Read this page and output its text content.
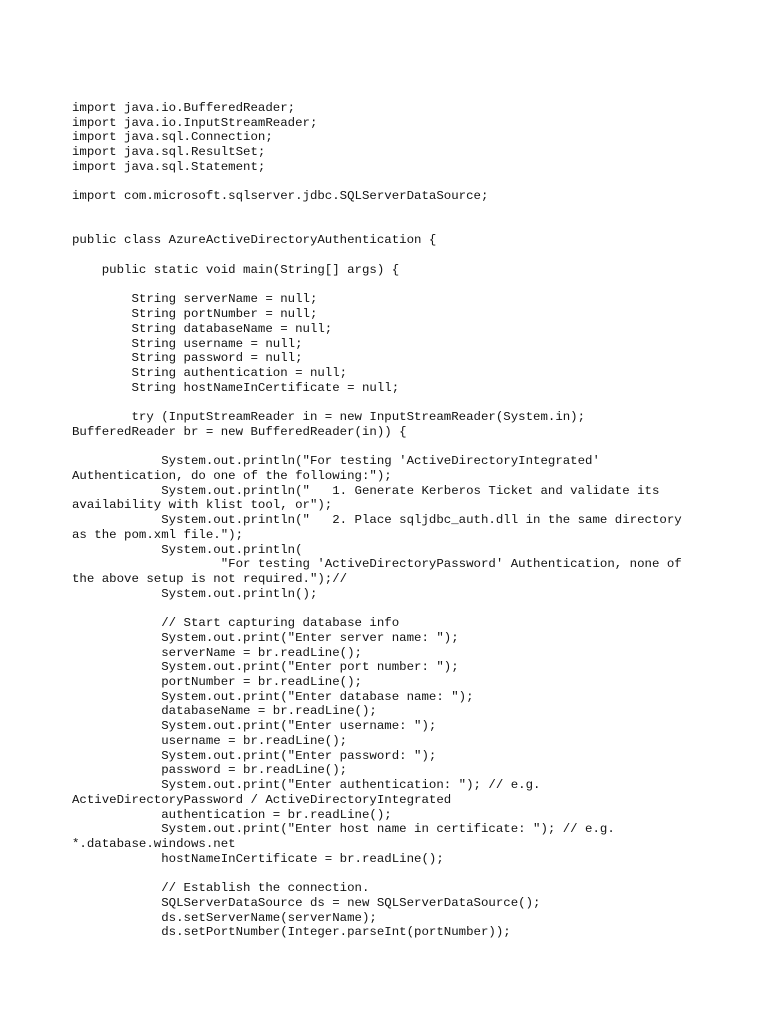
import java.io.BufferedReader;
import java.io.InputStreamReader;
import java.sql.Connection;
import java.sql.ResultSet;
import java.sql.Statement;
import com.microsoft.sqlserver.jdbc.SQLServerDataSource;
public class AzureActiveDirectoryAuthentication {
public static void main(String[] args) {
String serverName = null;
String portNumber = null;
String databaseName = null;
String username = null;
String password = null;
String authentication = null;
String hostNameInCertificate = null;
try (InputStreamReader in = new InputStreamReader(System.in);
BufferedReader br = new BufferedReader(in)) {
System.out.println("For testing 'ActiveDirectoryIntegrated'
Authentication, do one of the following:");
System.out.println("   1. Generate Kerberos Ticket and validate its
availability with klist tool, or");
System.out.println("   2. Place sqljdbc_auth.dll in the same directory
as the pom.xml file.");
System.out.println(
"For testing 'ActiveDirectoryPassword' Authentication, none of
the above setup is not required.");//
System.out.println();
// Start capturing database info
System.out.print("Enter server name: ");
serverName = br.readLine();
System.out.print("Enter port number: ");
portNumber = br.readLine();
System.out.print("Enter database name: ");
databaseName = br.readLine();
System.out.print("Enter username: ");
username = br.readLine();
System.out.print("Enter password: ");
password = br.readLine();
System.out.print("Enter authentication: "); // e.g.
ActiveDirectoryPassword / ActiveDirectoryIntegrated
authentication = br.readLine();
System.out.print("Enter host name in certificate: "); // e.g.
*.database.windows.net
hostNameInCertificate = br.readLine();
// Establish the connection.
SQLServerDataSource ds = new SQLServerDataSource();
ds.setServerName(serverName);
ds.setPortNumber(Integer.parseInt(portNumber));
